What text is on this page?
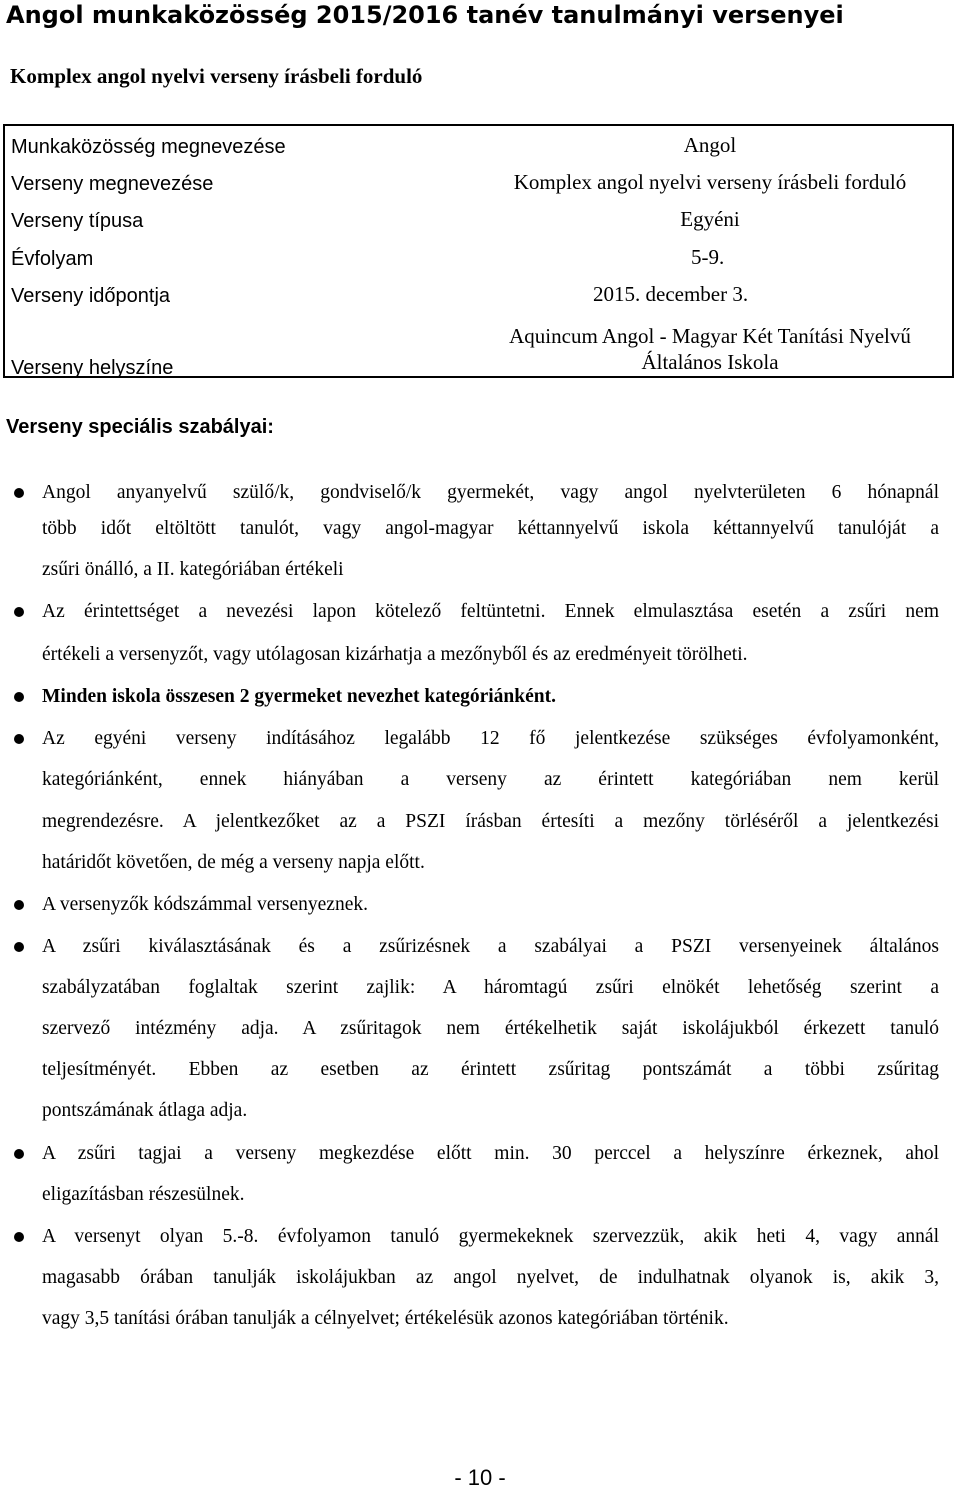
Angol munkaközösség 2015/2016 tanév tanulmányi versenyei
Komplex angol nyelvi verseny írásbeli forduló
Munkaközösség megnevezése	Angol
Verseny megnevezése	Komplex angol nyelvi verseny írásbeli forduló
Verseny típusa	Egyéni
Évfolyam	5-9.
Verseny időpontja	2015. december 3.
Verseny helyszíne
Aquincum Angol - Magyar Két Tanítási Nyelvű
Általános Iskola
Verseny speciális szabályai:
Angol anyanyelvű szülő/k, gondviselő/k gyermekét, vagy angol nyelvterületen 6 hónapnál
több időt eltöltött tanulót, vagy angol-magyar kéttannyelvű iskola kéttannyelvű tanulóját a
zsűri önálló, a II. kategóriában értékeli
Az érintettséget a nevezési lapon kötelező feltüntetni. Ennek elmulasztása esetén a zsűri nem
értékeli a versenyzőt, vagy utólagosan kizárhatja a mezőnyből és az eredményeit törölheti.
Minden iskola összesen 2 gyermeket nevezhet kategóriánként.
Az egyéni verseny indításához legalább 12 fő jelentkezése szükséges évfolyamonként,
kategóriánként, ennek hiányában a verseny az érintett kategóriában nem kerül
megrendezésre. A jelentkezőket az a PSZI írásban értesíti a mezőny törléséről a jelentkezési
határidőt követően, de még a verseny napja előtt.
A versenyzők kódszámmal versenyeznek.
A zsűri kiválasztásának és a zsűrizésnek a szabályai a PSZI versenyeinek általános
szabályzatában foglaltak szerint zajlik: A háromtagú zsűri elnökét lehetőség szerint a
szervező intézmény adja. A zsűritagok nem értékelhetik saját iskolájukból érkezett tanuló
teljesítményét. Ebben az esetben az érintett zsűritag pontszámát a többi zsűritag
pontszámának átlaga adja.
A zsűri tagjai a verseny megkezdése előtt min. 30 perccel a helyszínre érkeznek, ahol
eligazításban részesülnek.
A versenyt olyan 5.-8. évfolyamon tanuló gyermekeknek szervezzük, akik heti 4, vagy annál
magasabb órában tanulják iskolájukban az angol nyelvet, de indulhatnak olyanok is, akik 3,
vagy 3,5 tanítási órában tanulják a célnyelvet; értékelésük azonos kategóriában történik.
- 10 -
